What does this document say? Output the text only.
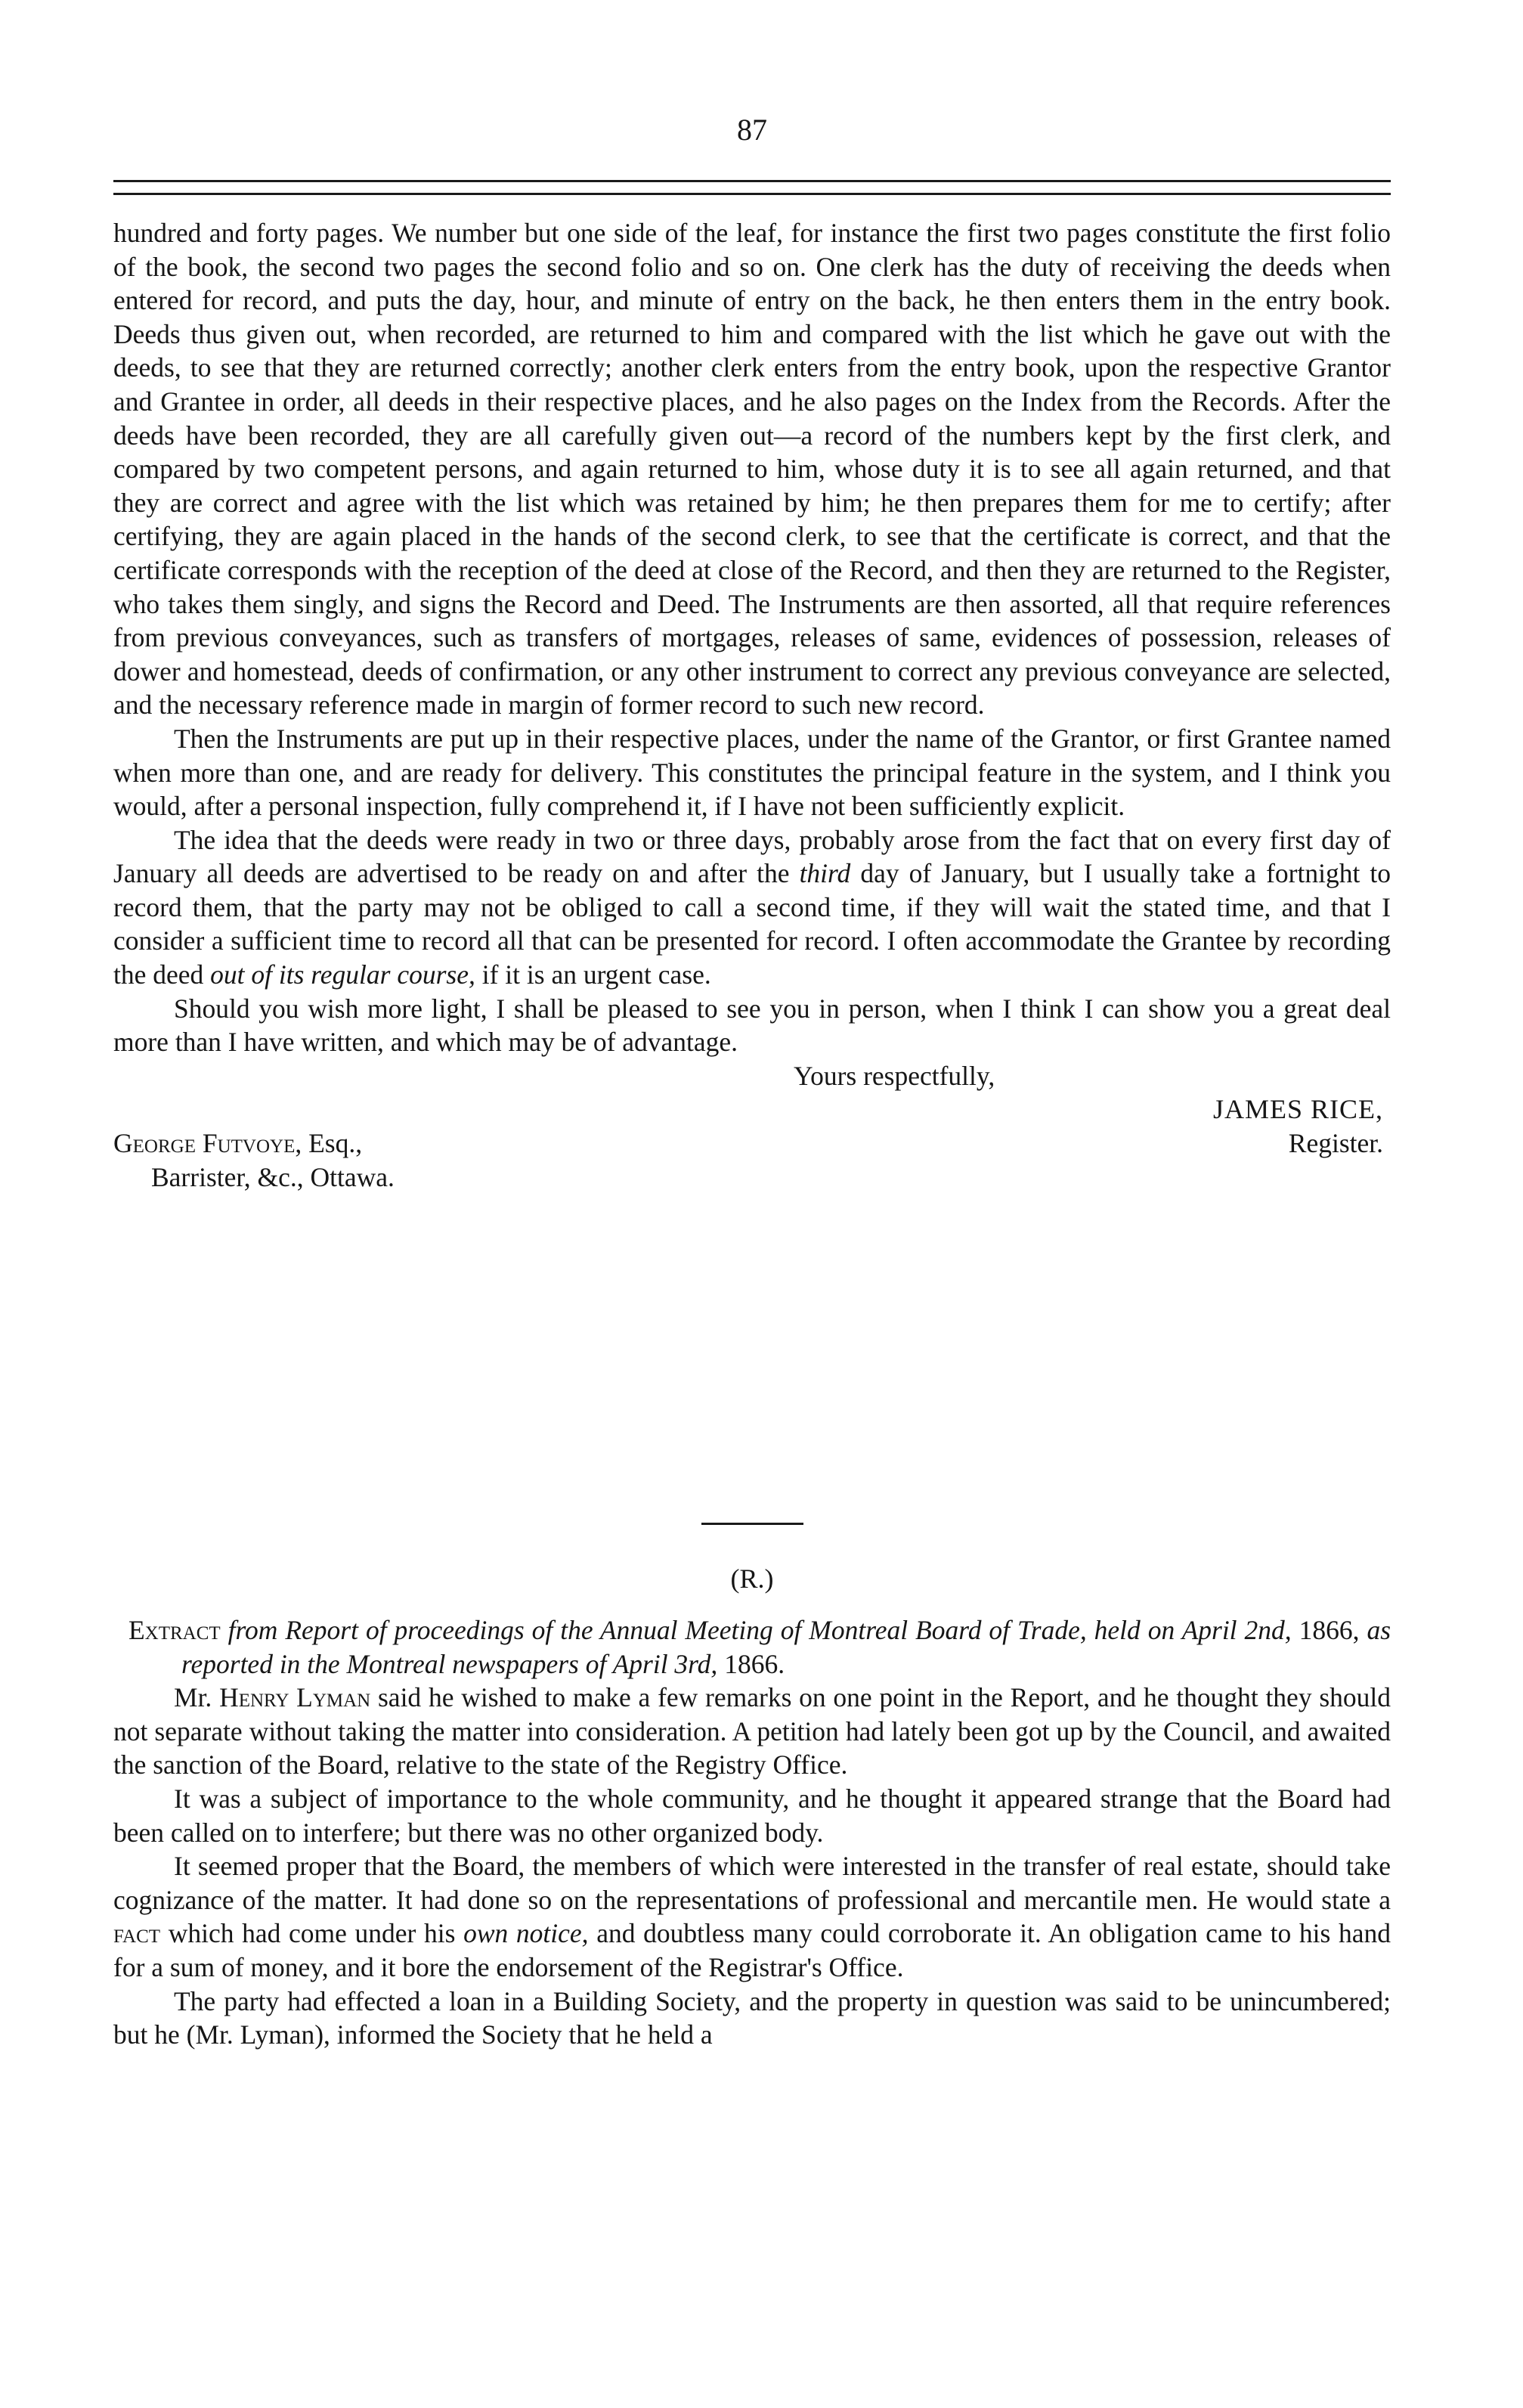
87

hundred and forty pages. We number but one side of the leaf, for instance the first two pages constitute the first folio of the book, the second two pages the second folio and so on. One clerk has the duty of receiving the deeds when entered for record, and puts the day, hour, and minute of entry on the back, he then enters them in the entry book. Deeds thus given out, when recorded, are returned to him and compared with the list which he gave out with the deeds, to see that they are returned correctly; another clerk enters from the entry book, upon the respective Grantor and Grantee in order, all deeds in their respective places, and he also pages on the Index from the Records. After the deeds have been recorded, they are all carefully given out—a record of the numbers kept by the first clerk, and compared by two competent persons, and again returned to him, whose duty it is to see all again returned, and that they are correct and agree with the list which was retained by him; he then prepares them for me to certify; after certifying, they are again placed in the hands of the second clerk, to see that the certificate is correct, and that the certificate corresponds with the reception of the deed at close of the Record, and then they are returned to the Register, who takes them singly, and signs the Record and Deed. The Instruments are then assorted, all that require references from previous conveyances, such as transfers of mortgages, releases of same, evidences of possession, releases of dower and homestead, deeds of confirmation, or any other instrument to correct any previous conveyance are selected, and the necessary reference made in margin of former record to such new record.

Then the Instruments are put up in their respective places, under the name of the Grantor, or first Grantee named when more than one, and are ready for delivery. This constitutes the principal feature in the system, and I think you would, after a personal inspection, fully comprehend it, if I have not been sufficiently explicit.

The idea that the deeds were ready in two or three days, probably arose from the fact that on every first day of January all deeds are advertised to be ready on and after the third day of January, but I usually take a fortnight to record them, that the party may not be obliged to call a second time, if they will wait the stated time, and that I consider a sufficient time to record all that can be presented for record. I often accommodate the Grantee by recording the deed out of its regular course, if it is an urgent case.

Should you wish more light, I shall be pleased to see you in person, when I think I can show you a great deal more than I have written, and which may be of advantage.

Yours respectfully,
JAMES RICE,
George Futvoye, Esq.,	Register.
Barrister, &c., Ottawa.
(R.)

Extract from Report of proceedings of the Annual Meeting of Montreal Board of Trade, held on April 2nd, 1866, as reported in the Montreal newspapers of April 3rd, 1866.

Mr. Henry Lyman said he wished to make a few remarks on one point in the Report, and he thought they should not separate without taking the matter into consideration. A petition had lately been got up by the Council, and awaited the sanction of the Board, relative to the state of the Registry Office.

It was a subject of importance to the whole community, and he thought it appeared strange that the Board had been called on to interfere; but there was no other organized body.

It seemed proper that the Board, the members of which were interested in the transfer of real estate, should take cognizance of the matter. It had done so on the representations of professional and mercantile men. He would state a fact which had come under his own notice, and doubtless many could corroborate it. An obligation came to his hand for a sum of money, and it bore the endorsement of the Registrar's Office.

The party had effected a loan in a Building Society, and the property in question was said to be unincumbered; but he (Mr. Lyman), informed the Society that he held a
